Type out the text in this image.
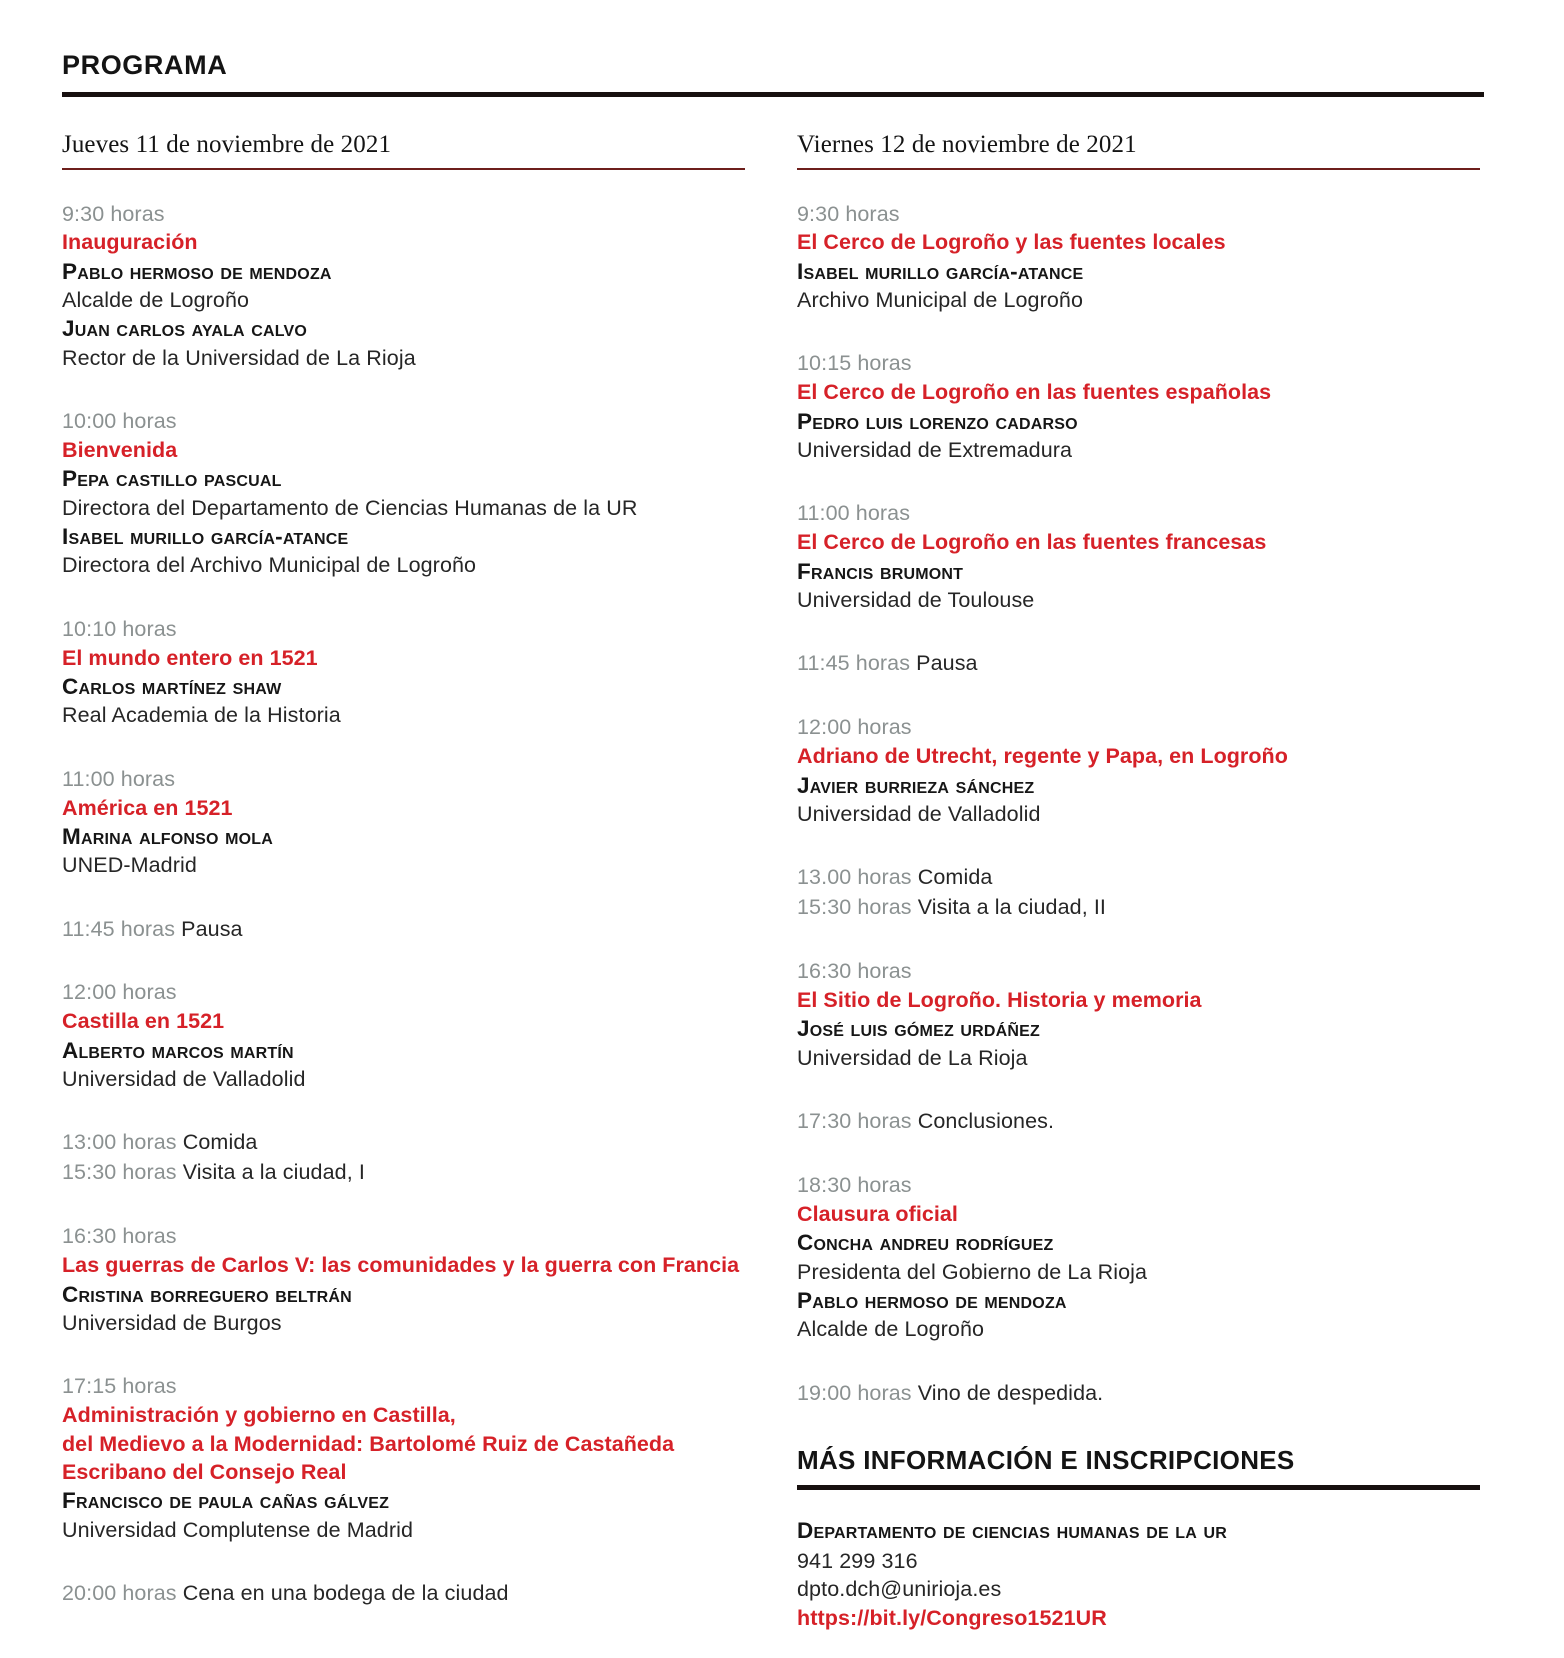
PROGRAMA
Jueves 11 de noviembre de 2021
9:30 horas
Inauguración
Pablo hermoso de mendoza
Alcalde de Logroño
Juan carlos ayala calvo
Rector de la Universidad de La Rioja
10:00 horas
Bienvenida
Pepa castillo pascual
Directora del Departamento de Ciencias Humanas de la UR
Isabel murillo garcía-atance
Directora del Archivo Municipal de Logroño
10:10 horas
El mundo entero en 1521
Carlos martínez shaw
Real Academia de la Historia
11:00 horas
América en 1521
Marina alfonso mola
UNED-Madrid
11:45 horas Pausa
12:00 horas
Castilla en 1521
Alberto marcos martín
Universidad de Valladolid
13:00 horas Comida
15:30 horas Visita a la ciudad, I
16:30 horas
Las guerras de Carlos V: las comunidades y la guerra con Francia
Cristina borreguero beltrán
Universidad de Burgos
17:15 horas
Administración y gobierno en Castilla,
del Medievo a la Modernidad: Bartolomé Ruiz de Castañeda
Escribano del Consejo Real
Francisco de paula cañas gálvez
Universidad Complutense de Madrid
20:00 horas Cena en una bodega de la ciudad
Viernes 12 de noviembre de 2021
9:30 horas
El Cerco de Logroño y las fuentes locales
Isabel murillo garcía-atance
Archivo Municipal de Logroño
10:15 horas
El Cerco de Logroño en las fuentes españolas
Pedro luis lorenzo cadarso
Universidad de Extremadura
11:00 horas
El Cerco de Logroño en las fuentes francesas
Francis brumont
Universidad de Toulouse
11:45 horas Pausa
12:00 horas
Adriano de Utrecht, regente y Papa, en Logroño
Javier burrieza sánchez
Universidad de Valladolid
13.00 horas Comida
15:30 horas Visita a la ciudad, II
16:30 horas
El Sitio de Logroño. Historia y memoria
José luis gómez urdáñez
Universidad de La Rioja
17:30 horas Conclusiones.
18:30 horas
Clausura oficial
Concha andreu rodríguez
Presidenta del Gobierno de La Rioja
Pablo hermoso de mendoza
Alcalde de Logroño
19:00 horas Vino de despedida.
MÁS INFORMACIÓN E INSCRIPCIONES
Departamento de ciencias humanas de la ur
941 299 316
dpto.dch@unirioja.es
https://bit.ly/Congreso1521UR
